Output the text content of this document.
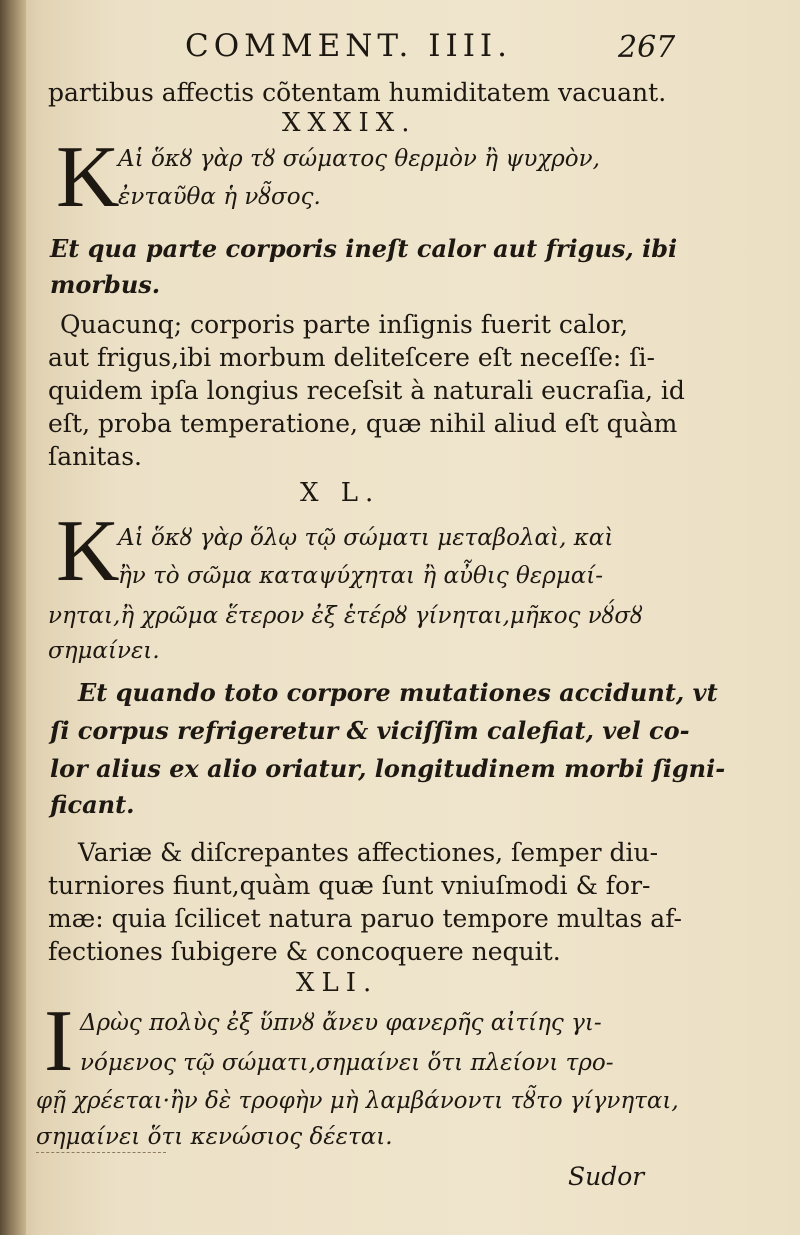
COMMENT. IIII.	267
partibus affectis cõtentam humiditatem vacuant.
XXXIX.
K
Αἱ ὅκȣ γὰρ τȣ σώματος θερμὸν ἢ ψυχρὸν,
ἐνταῦθα ἡ νȣ̃σος.
Et qua parte corporis ineſt calor aut frigus, ibi
morbus.
Quacunq; corporis parte inſignis fuerit calor,
aut frigus,ibi morbum deliteſcere eſt neceſſe: ſi-
quidem ipſa longius receſsit à naturali eucraſia, id
eſt, proba temperatione, quæ nihil aliud eſt quàm
ſanitas.
X L.
K
Αἱ ὅκȣ γὰρ ὅλῳ τῷ σώματι μεταβολαὶ, καὶ
ἢν τὸ σῶμα καταψύχηται ἢ αὖθις θερμαί-
νηται,ἢ χρῶμα ἕτερον ἐξ ἑτέρȣ γίνηται,μῆκος νȣ́σȣ
σημαίνει.
Et quando toto corpore mutationes accidunt, vt
ſi corpus refrigeretur & viciſſim calefiat, vel co-
lor alius ex alio oriatur, longitudinem morbi ſigni-
ficant.
Variæ & diſcrepantes affectiones, ſemper diu-
turniores fiunt,quàm quæ ſunt vniuſmodi & for-
mæ: quia ſcilicet natura paruo tempore multas af-
fectiones ſubigere & concoquere nequit.
XLI.
I Δρὼς πολὺς ἐξ ὕπνȣ ἄνευ φανερῆς αἰτίης γι-
νόμενος τῷ σώματι,σημαίνει ὅτι πλείονι τρο-
φῇ χρέεται·ἢν δὲ τροφὴν μὴ λαμβάνοντι τȣ̃το γίγνηται,
σημαίνει ὅτι κενώσιος δέεται.
Sudor
